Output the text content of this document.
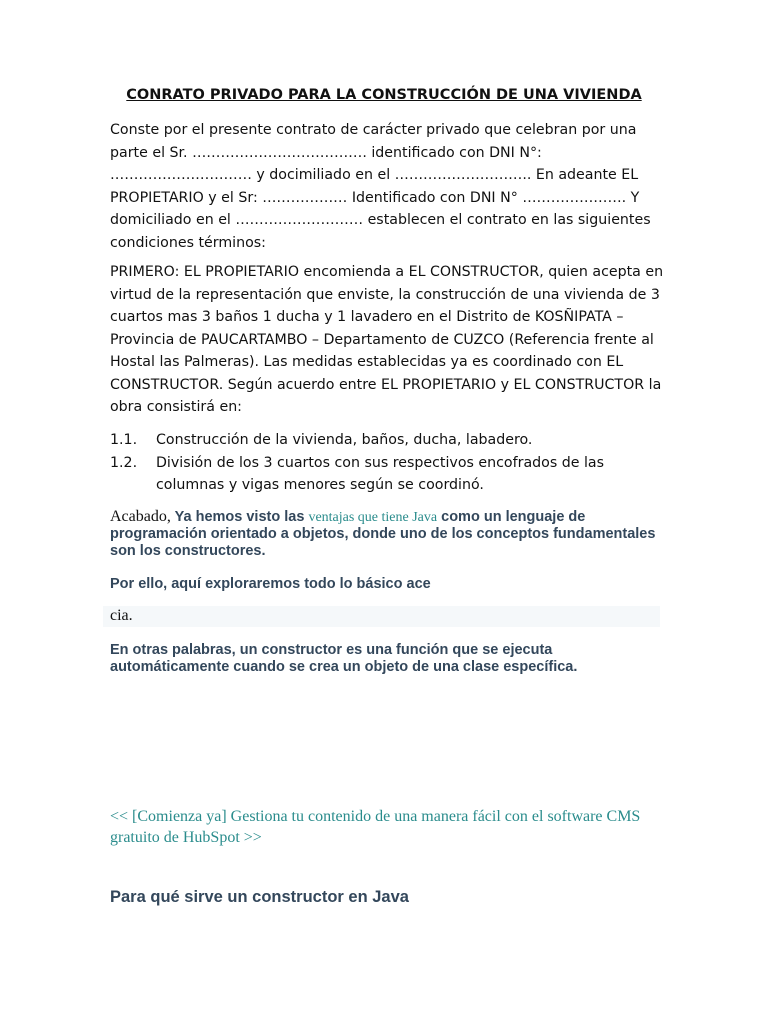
CONRATO PRIVADO PARA LA CONSTRUCCIÓN DE UNA VIVIENDA
Conste por el presente contrato de carácter privado que celebran por una parte el Sr. ………………………………. identificado con DNI N°: ………………………… y docimiliado en el ……………………….. En adeante EL PROPIETARIO y el Sr: ……………… Identificado con DNI N° …………………. Y domiciliado en el ……………………… establecen el contrato en las siguientes condiciones términos:
PRIMERO: EL PROPIETARIO encomienda a EL CONSTRUCTOR, quien acepta en virtud de la representación que enviste, la construcción de una vivienda de 3 cuartos mas 3 baños 1 ducha y 1 lavadero en el Distrito de KOSÑIPATA – Provincia de PAUCARTAMBO – Departamento de CUZCO (Referencia frente al Hostal las Palmeras). Las medidas establecidas ya es coordinado con EL CONSTRUCTOR. Según acuerdo entre EL PROPIETARIO y EL CONSTRUCTOR la obra consistirá en:
1.1.	Construcción de la vivienda, baños, ducha, labadero.
1.2.	División de los 3 cuartos con sus respectivos encofrados de las columnas y vigas menores según se coordinó.
Acabado, Ya hemos visto las ventajas que tiene Java como un lenguaje de programación orientado a objetos, donde uno de los conceptos fundamentales son los constructores.
Por ello, aquí exploraremos todo lo básico ace
cia.
En otras palabras, un constructor es una función que se ejecuta automáticamente cuando se crea un objeto de una clase específica.
<< [Comienza ya] Gestiona tu contenido de una manera fácil con el software CMS gratuito de HubSpot >>
Para qué sirve un constructor en Java
